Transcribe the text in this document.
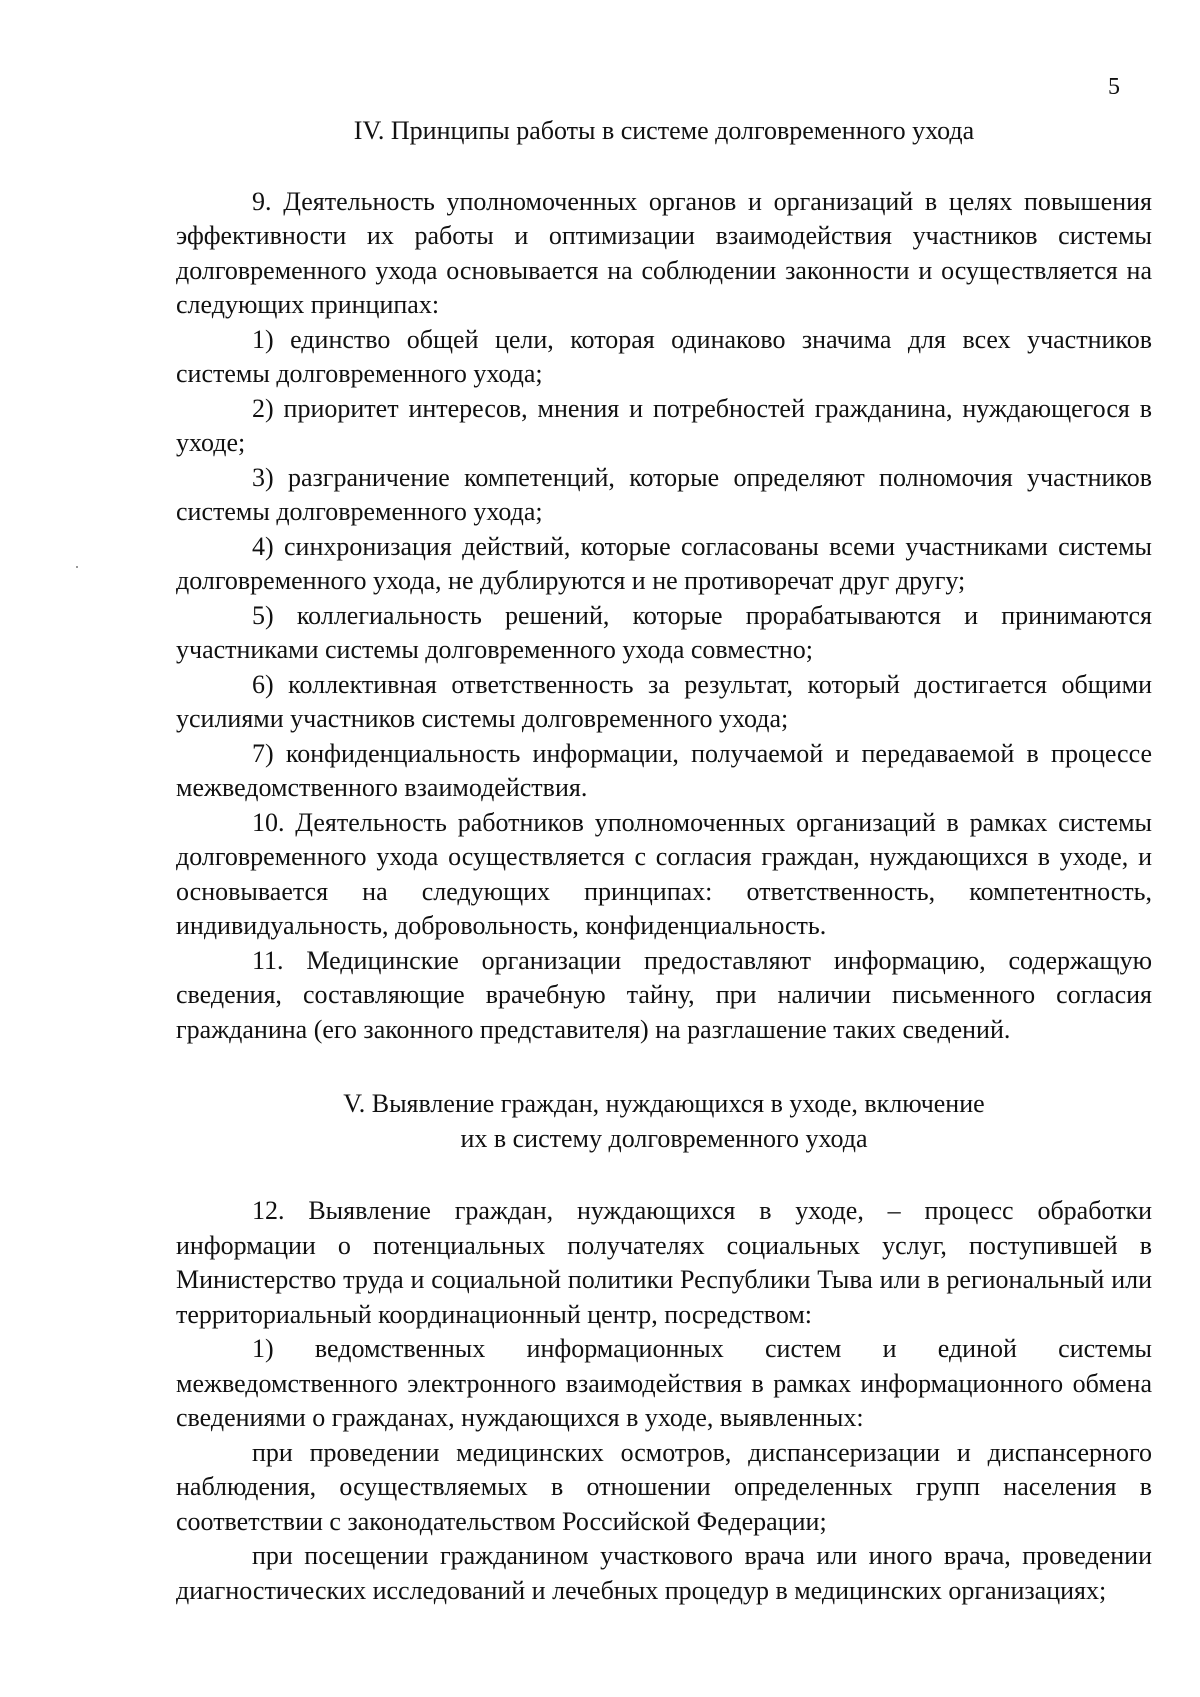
5
IV. Принципы работы в системе долговременного ухода

9. Деятельность уполномоченных органов и организаций в целях повышения эффективности их работы и оптимизации взаимодействия участников системы долговременного ухода основывается на соблюдении законности и осуществляется на следующих принципах:

1) единство общей цели, которая одинаково значима для всех участников системы долговременного ухода;

2) приоритет интересов, мнения и потребностей гражданина, нуждающегося в уходе;

3) разграничение компетенций, которые определяют полномочия участников системы долговременного ухода;

4) синхронизация действий, которые согласованы всеми участниками системы долговременного ухода, не дублируются и не противоречат друг другу;

5) коллегиальность решений, которые прорабатываются и принимаются участниками системы долговременного ухода совместно;

6) коллективная ответственность за результат, который достигается общими усилиями участников системы долговременного ухода;

7) конфиденциальность информации, получаемой и передаваемой в процессе межведомственного взаимодействия.

10. Деятельность работников уполномоченных организаций в рамках системы долговременного ухода осуществляется с согласия граждан, нуждающихся в уходе, и основывается на следующих принципах: ответственность, компетентность, индивидуальность, добровольность, конфиденциальность.

11. Медицинские организации предоставляют информацию, содержащую сведения, составляющие врачебную тайну, при наличии письменного согласия гражданина (его законного представителя) на разглашение таких сведений.

V. Выявление граждан, нуждающихся в уходе, включение
их в систему долговременного ухода

12. Выявление граждан, нуждающихся в уходе, – процесс обработки информации о потенциальных получателях социальных услуг, поступившей в Министерство труда и социальной политики Республики Тыва или в региональный или территориальный координационный центр, посредством:

1) ведомственных информационных систем и единой системы межведомственного электронного взаимодействия в рамках информационного обмена сведениями о гражданах, нуждающихся в уходе, выявленных:

при проведении медицинских осмотров, диспансеризации и диспансерного наблюдения, осуществляемых в отношении определенных групп населения в соответствии с законодательством Российской Федерации;

при посещении гражданином участкового врача или иного врача, проведении диагностических исследований и лечебных процедур в медицинских организациях;
